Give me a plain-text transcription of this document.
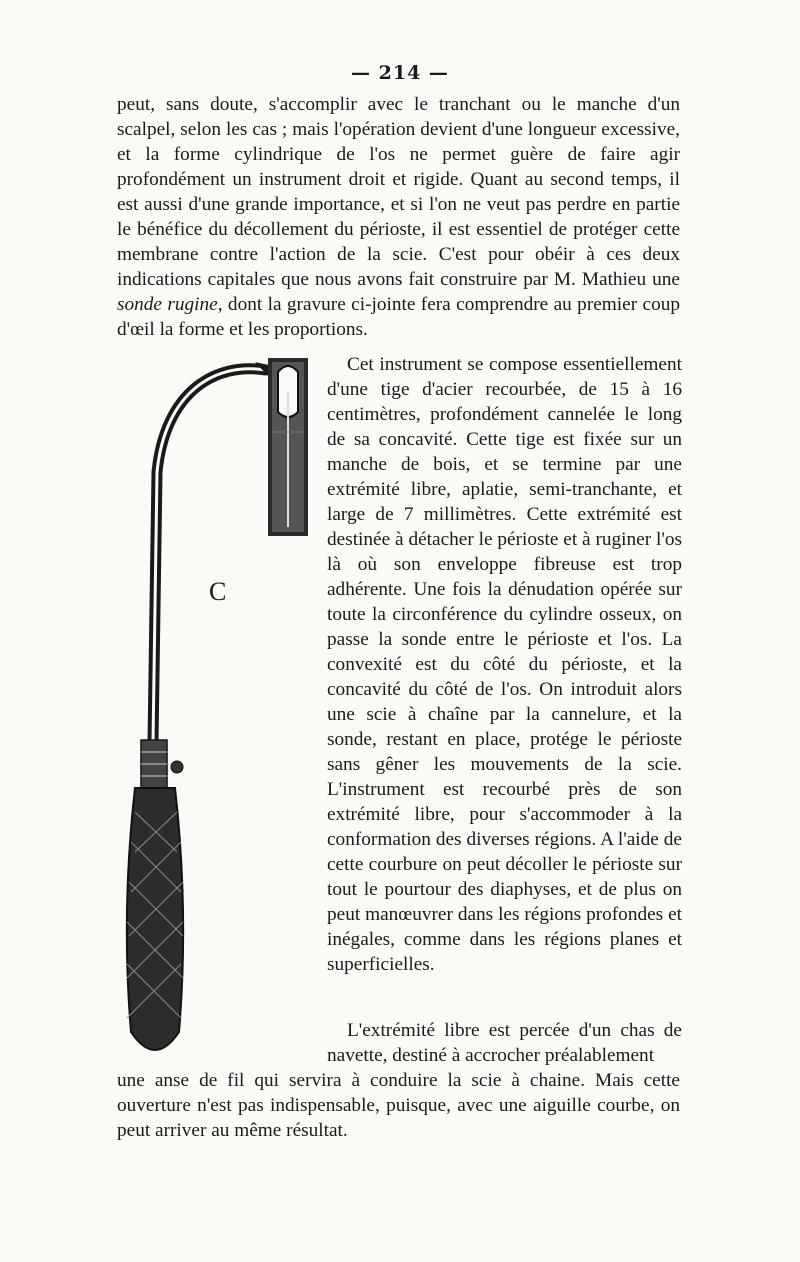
— 214 —

peut, sans doute, s'accomplir avec le tranchant ou le manche d'un scalpel, selon les cas ; mais l'opération devient d'une longueur excessive, et la forme cylindrique de l'os ne permet guère de faire agir profondément un instrument droit et rigide. Quant au second temps, il est aussi d'une grande importance, et si l'on ne veut pas perdre en partie le bénéfice du décollement du périoste, il est essentiel de protéger cette membrane contre l'action de la scie. C'est pour obéir à ces deux indications capitales que nous avons fait construire par M. Mathieu une sonde rugine, dont la gravure ci-jointe fera comprendre au premier coup d'œil la forme et les proportions.

C

Cet instrument se compose essentiellement d'une tige d'acier recourbée, de 15 à 16 centimètres, profondément cannelée le long de sa concavité. Cette tige est fixée sur un manche de bois, et se termine par une extrémité libre, aplatie, semi-tranchante, et large de 7 millimètres. Cette extrémité est destinée à détacher le périoste et à ruginer l'os là où son enveloppe fibreuse est trop adhérente. Une fois la dénudation opérée sur toute la circonférence du cylindre osseux, on passe la sonde entre le périoste et l'os. La convexité est du côté du périoste, et la concavité du côté de l'os. On introduit alors une scie à chaîne par la cannelure, et la sonde, restant en place, protége le périoste sans gêner les mouvements de la scie. L'instrument est recourbé près de son extrémité libre, pour s'accommoder à la conformation des diverses régions. A l'aide de cette courbure on peut décoller le périoste sur tout le pourtour des diaphyses, et de plus on peut manœuvrer dans les régions profondes et inégales, comme dans les régions planes et superficielles.

L'extrémité libre est percée d'un chas de navette, destiné à accrocher préalablement

une anse de fil qui servira à conduire la scie à chaine. Mais cette ouverture n'est pas indispensable, puisque, avec une aiguille courbe, on peut arriver au même résultat.
